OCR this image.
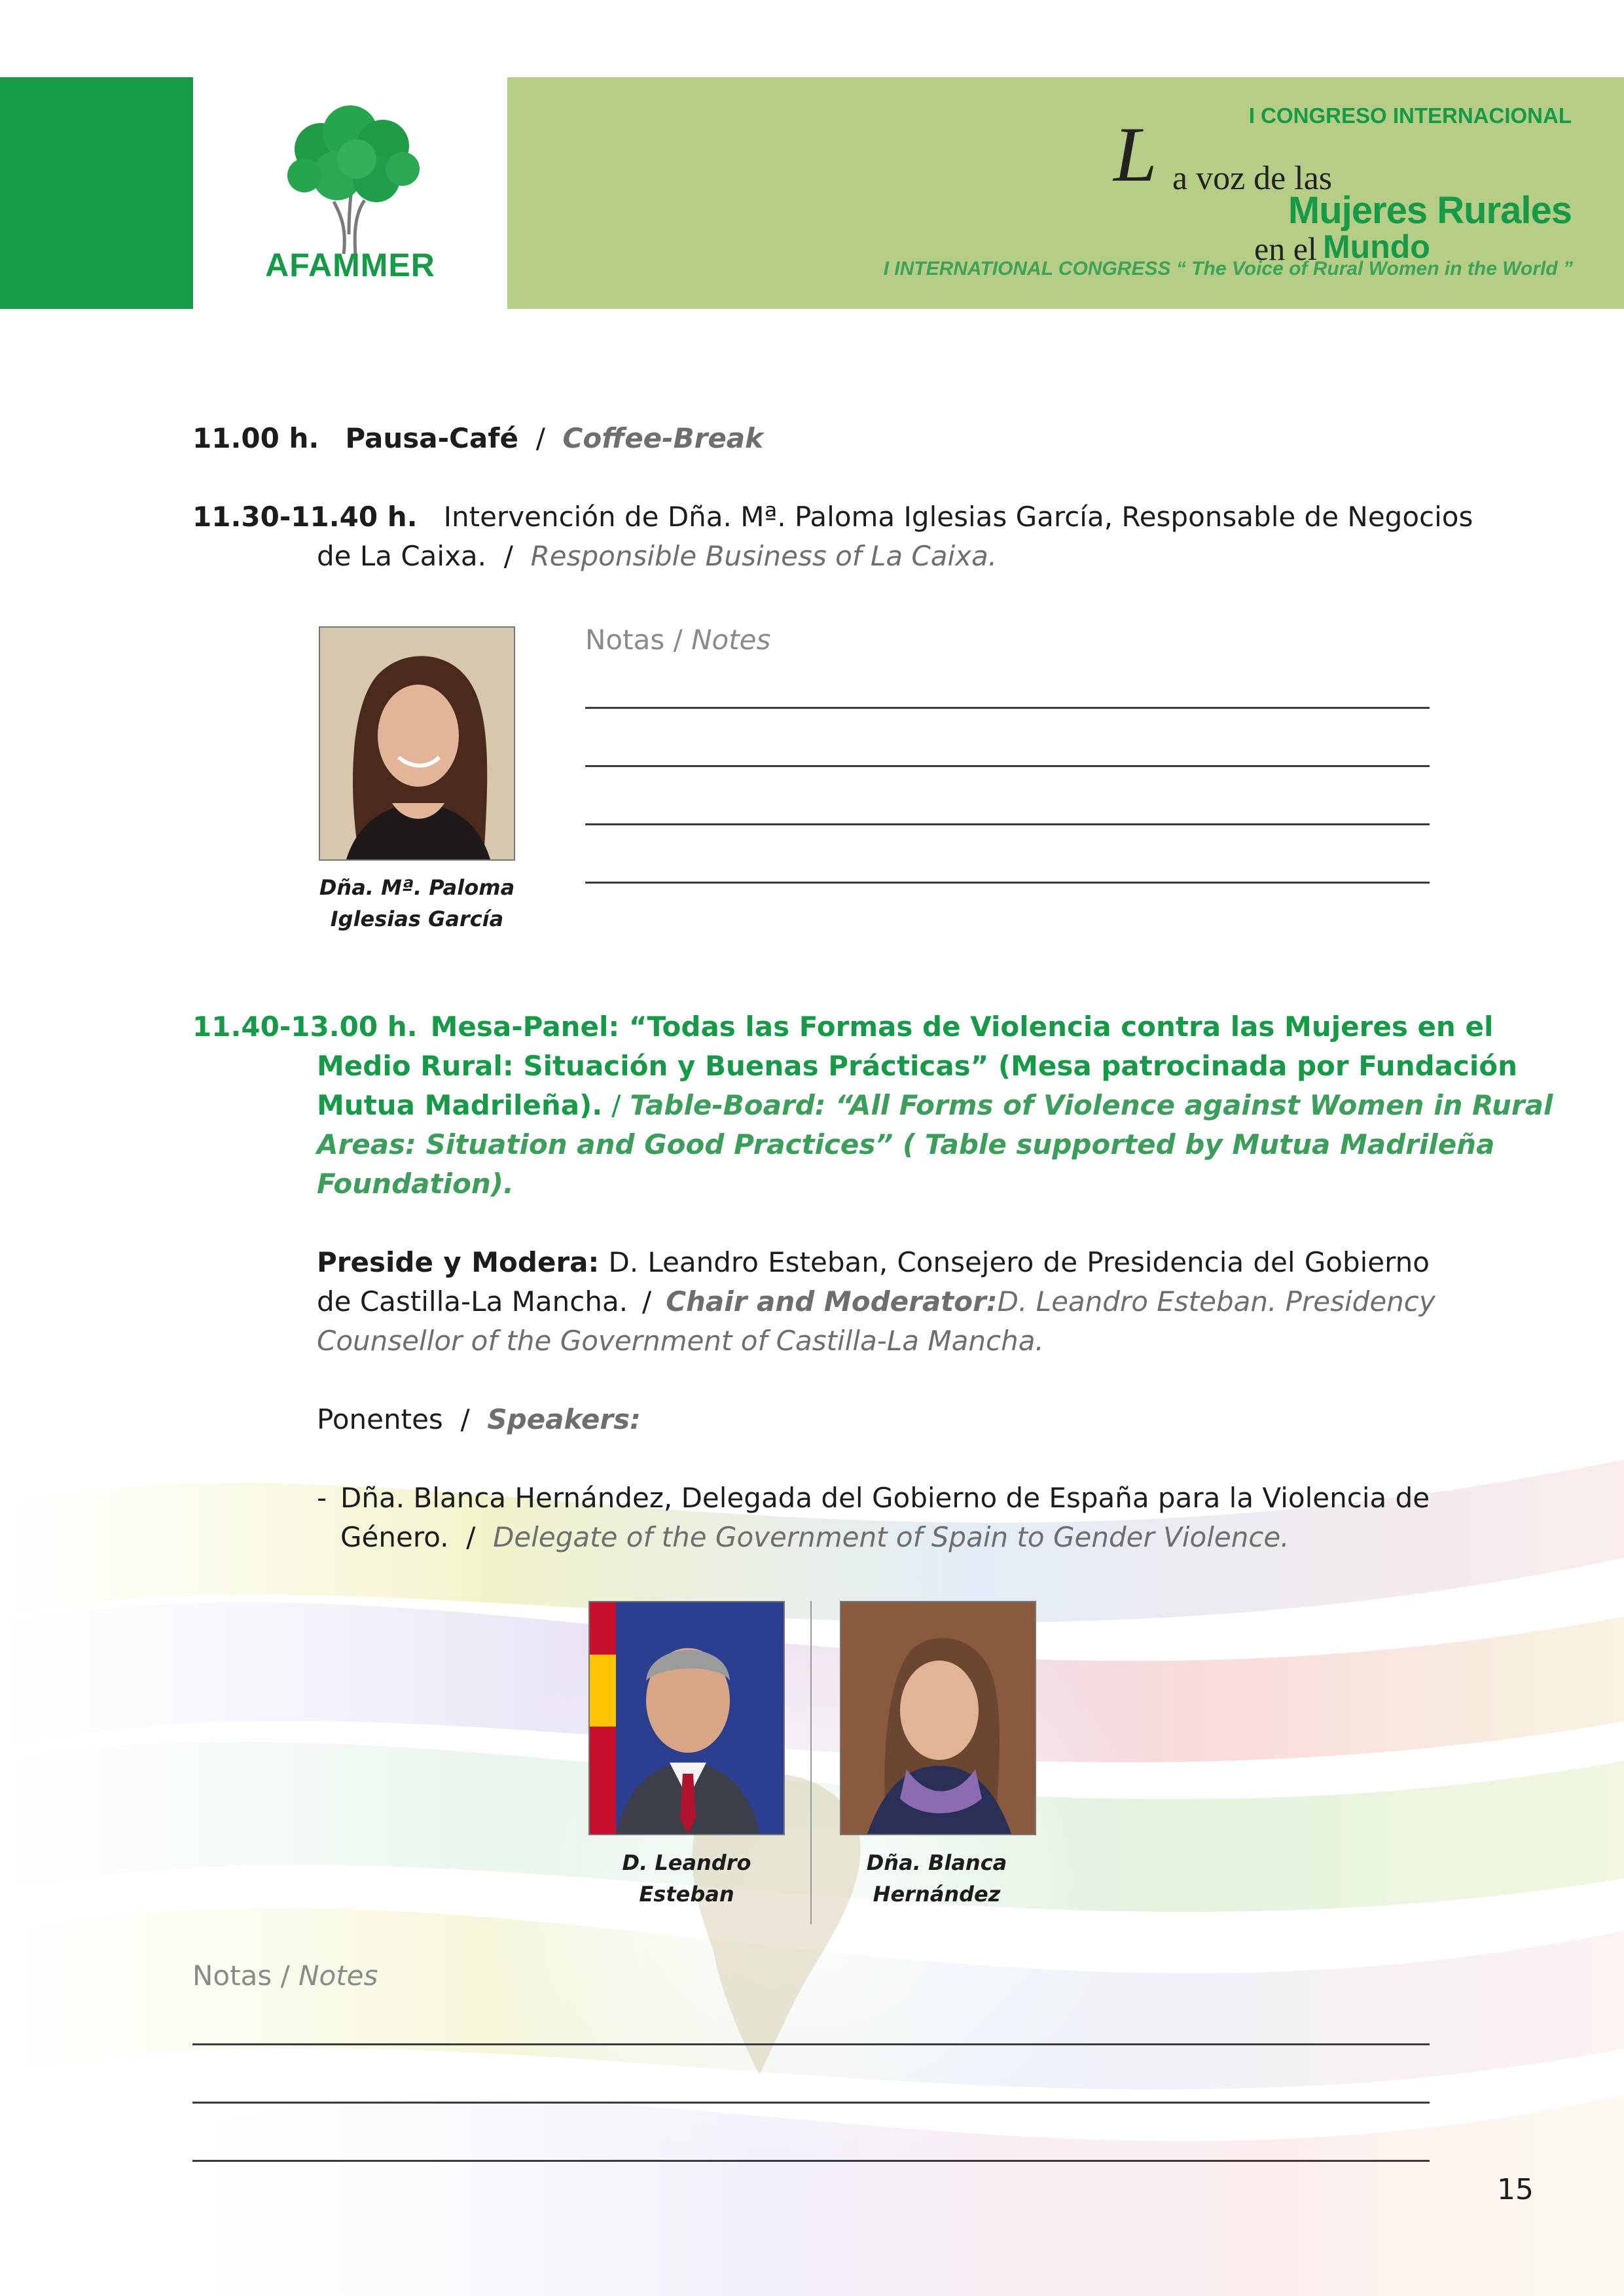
AFAMMER
I CONGRESO INTERNACIONAL
L a voz de las
Mujeres Rurales
en el Mundo
I INTERNATIONAL CONGRESS “ The Voice of Rural Women in the World ”
11.00 h. Pausa-Café / Coffee-Break
11.30-11.40 h. Intervención de Dña. Mª. Paloma Iglesias García, Responsable de Negocios
de La Caixa. / Responsible Business of La Caixa.
Dña. Mª. Paloma
Iglesias García
Notas / Notes
11.40-13.00 h. Mesa-Panel: “Todas las Formas de Violencia contra las Mujeres en el
Medio Rural: Situación y Buenas Prácticas” (Mesa patrocinada por Fundación
Mutua Madrileña). / Table-Board: “All Forms of Violence against Women in Rural
Areas: Situation and Good Practices” ( Table supported by Mutua Madrileña
Foundation).
Preside y Modera: D. Leandro Esteban, Consejero de Presidencia del Gobierno
de Castilla-La Mancha. / Chair and Moderator: D. Leandro Esteban. Presidency
Counsellor of the Government of Castilla-La Mancha.
Ponentes / Speakers:
- Dña. Blanca Hernández, Delegada del Gobierno de España para la Violencia de
Género. / Delegate of the Government of Spain to Gender Violence.
D. Leandro
Esteban
Dña. Blanca
Hernández
Notas / Notes
15
